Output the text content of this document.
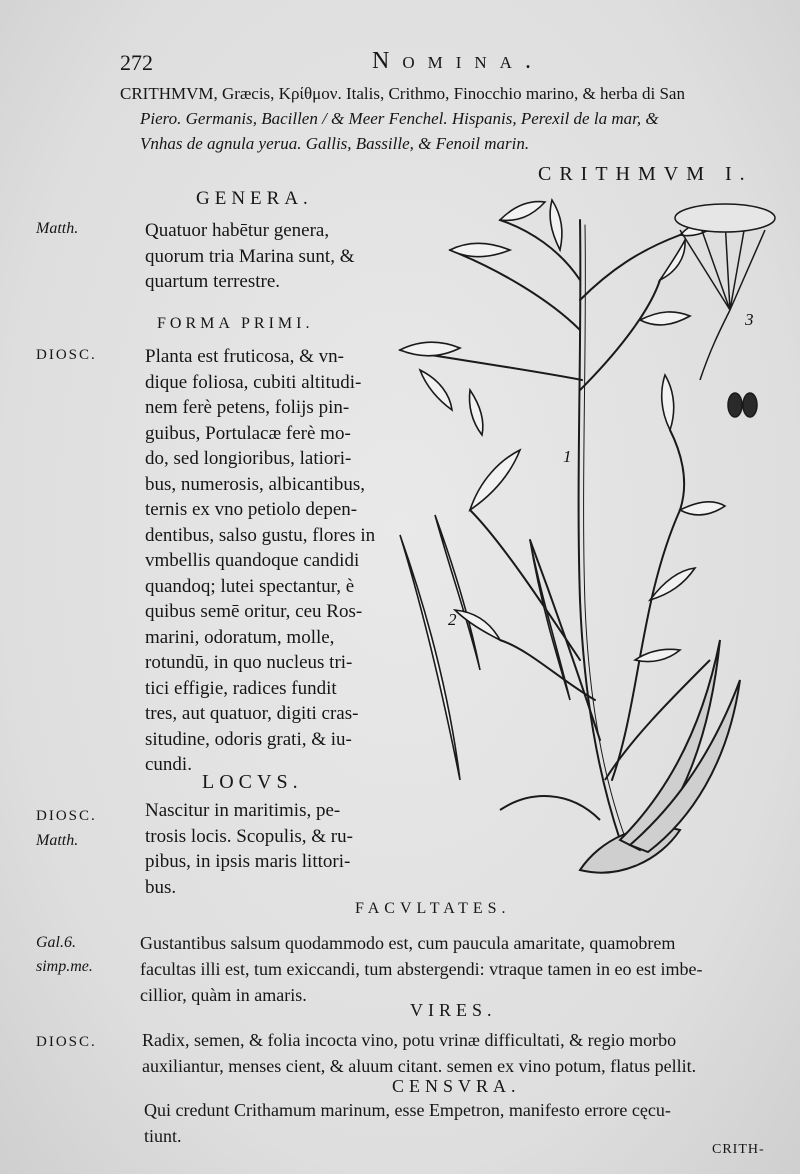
272	Nomina.
CRITHMVM, Græcis, Κρίθμον. Italis, Crithmo, Finocchio marino, & herba di San
Piero. Germanis, Bacillen / & Meer Fenchel. Hispanis, Perexil de la mar, &
Vnhas de agnula yerua. Gallis, Bassille, & Fenoil marin.
CRITHMVM I.
GENERA.
Matth.	Quatuor habētur genera,
quorum tria Marina sunt, &
quartum terrestre.
FORMA PRIMI.
DIOSC.	Planta est fruticosa, & vn-
dique foliosa, cubiti altitudi-
nem ferè petens, folijs pin-
guibus, Portulacæ ferè mo-
do, sed longioribus, latiori-
bus, numerosis, albicantibus,
ternis ex vno petiolo depen-
dentibus, salso gustu, flores in
vmbellis quandoque candidi
quandoq; lutei spectantur, è
quibus semē oritur, ceu Ros-
marini, odoratum, molle,
rotundū, in quo nucleus tri-
tici effigie, radices fundit
tres, aut quatuor, digiti cras-
situdine, odoris grati, & iu-
cundi.
LOCVS.
DIOSC.
Matth.
Nascitur in maritimis, pe-
trosis locis. Scopulis, & ru-
pibus, in ipsis maris littori-
bus.
FACVLTATES.
Gal.6.
simp.me.
Gustantibus salsum quodammodo est, cum paucula amaritate, quamobrem
facultas illi est, tum exiccandi, tum abstergendi: vtraque tamen in eo est imbe-
cillior, quàm in amaris.
VIRES.
DIOSC.	Radix, semen, & folia incocta vino, potu vrinæ difficultati, & regio morbo
auxiliantur, menses cient, & aluum citant. semen ex vino potum, flatus pellit.
CENSVRA.
Qui credunt Crithamum marinum, esse Empetron, manifesto errore cęcu-
tiunt.
CRITH-
1
2
3
